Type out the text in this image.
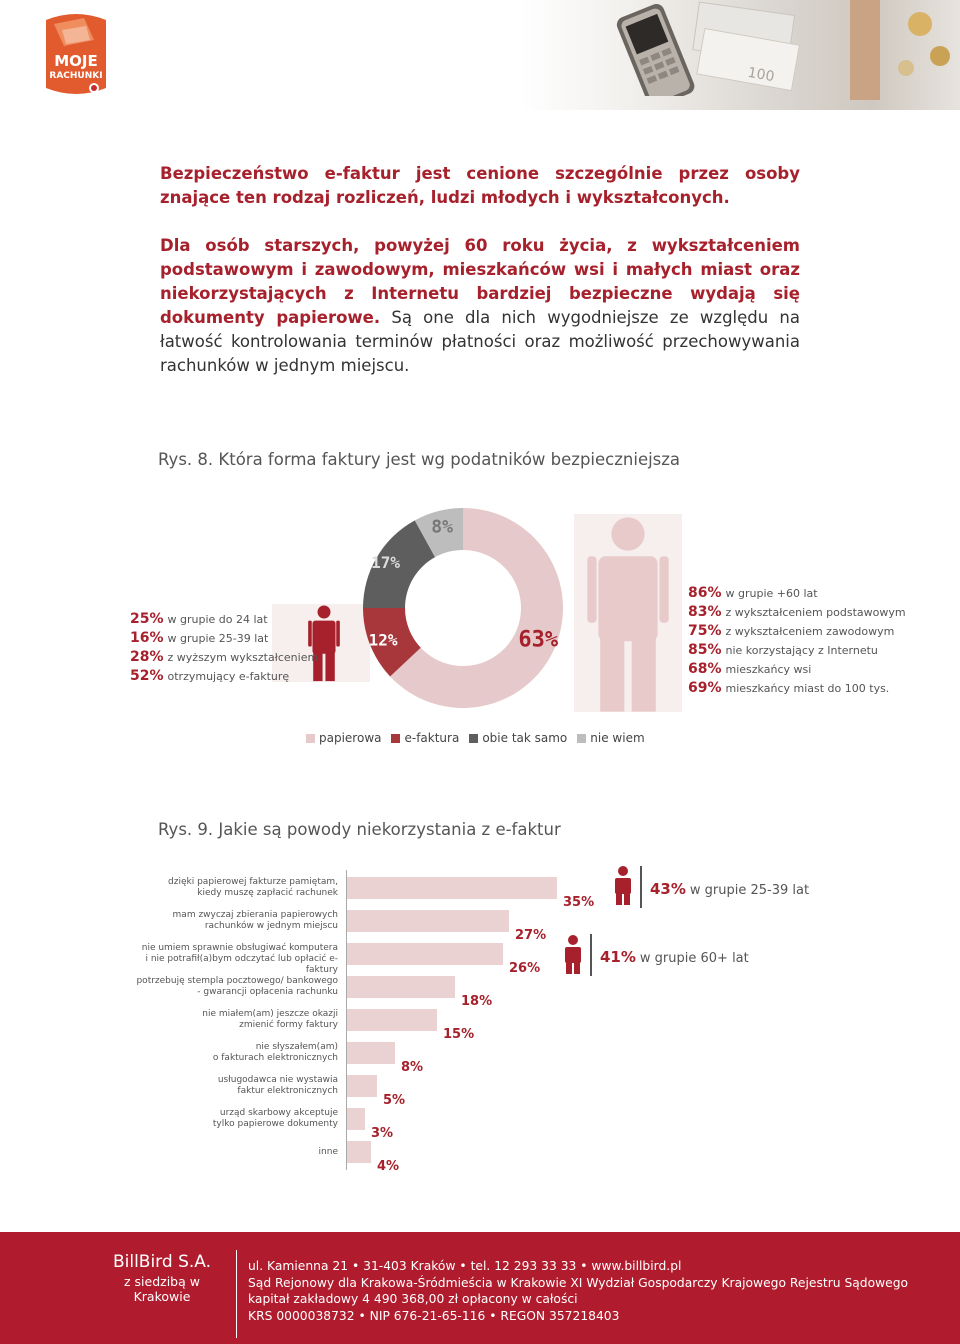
MOJE
RACHUNKI	100
Bezpieczeństwo e-faktur jest cenione szczególnie przez osoby znające ten rodzaj rozliczeń, ludzi młodych i wykształconych.
Dla osób starszych, powyżej 60 roku życia, z wykształceniem podstawowym i zawodowym, mieszkańców wsi i małych miast oraz niekorzystających z Internetu bardziej bezpieczne wydają się dokumenty papierowe. Są one dla nich wygodniejsze ze względu na łatwość kontrolowania terminów płatności oraz możliwość przechowywania rachunków w jednym miejscu.
Rys. 8. Która forma faktury jest wg podatników bezpieczniejsza
63%
12%
17%
8%
25% w grupie do 24 lat
16% w grupie 25-39 lat
28% z wyższym wykształceniem
52% otrzymujący e-fakturę
86% w grupie +60 lat
83% z wykształceniem podstawowym
75% z wykształceniem zawodowym
85% nie korzystający z Internetu
68% mieszkańcy wsi
69% mieszkańcy miast do 100 tys.
papierowa e-faktura obie tak samo nie wiem
Rys. 9. Jakie są powody niekorzystania z e-faktur
dzięki papierowej fakturze pamiętam,
kiedy muszę zapłacić rachunek
35%
mam zwyczaj zbierania papierowych
rachunków w jednym miejscu
27%
nie umiem sprawnie obsługiwać komputera
i nie potrafił(a)bym odczytać lub opłacić e-faktury	26%
potrzebuję stempla pocztowego/ bankowego
- gwarancji opłacenia rachunku
18%
nie miałem(am) jeszcze okazji
zmienić formy faktury
15%
nie słyszałem(am)
o fakturach elektronicznych
8%
usługodawca nie wystawia
faktur elektronicznych
5%
urząd skarbowy akceptuje
tylko papierowe dokumenty
3%
inne
4%
43% w grupie 25-39 lat
41% w grupie 60+ lat
BillBird S.A.
z siedzibą w Krakowie
ul. Kamienna 21 • 31-403 Kraków • tel. 12 293 33 33 • www.billbird.pl
Sąd Rejonowy dla Krakowa-Śródmieścia w Krakowie XI Wydział Gospodarczy Krajowego Rejestru Sądowego
kapitał zakładowy 4 490 368,00 zł opłacony w całości
KRS 0000038732 • NIP 676-21-65-116 • REGON 357218403
